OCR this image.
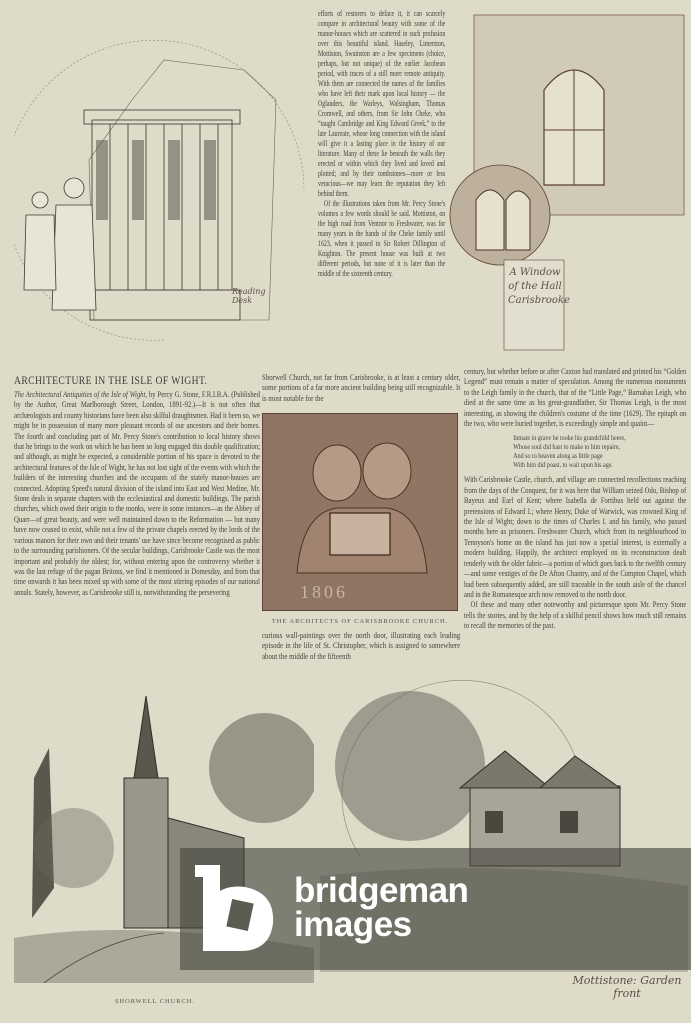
Reading Desk
A Window of the Hall Carisbrooke

efforts of restorers to deface it, it can scarcely compare in architectural beauty with some of the manor-houses which are scattered in such profusion over this beautiful island. Haseley, Limerston, Mottiston, Swainston are a few specimens (choice, perhaps, but not unique) of the earlier Jacobean period, with traces of a still more remote antiquity. With them are connected the names of the families who have left their mark upon local history — the Oglanders, the Warleys, Walsingham, Thomas Cromwell, and others, from Sir John Cheke, who “taught Cambridge and King Edward Greek,” to the late Laureate, whose long connection with the island will give it a lasting place in the history of our literature. Many of these lie beneath the walls they erected or within which they lived and loved and plotted; and by their tombstones—more or less veracious—we may learn the reputation they left behind them.

Of the illustrations taken from Mr. Percy Stone's volumes a few words should be said. Mottiston, on the high road from Ventnor to Freshwater, was for many years in the hands of the Cheke family until 1623, when it passed to Sir Robert Dillington of Knighton. The present house was built at two different periods, but none of it is later than the middle of the sixteenth century.

1806
ARCHITECTURE IN THE ISLE OF WIGHT.

The Architectural Antiquities of the Isle of Wight, by Percy G. Stone, F.R.I.B.A. (Published by the Author, Great Marlborough Street, London, 1891-92.)—It is not often that archæologists and county historians have been also skilful draughtsmen. Had it been so, we might be in possession of many more pleasant records of our ancestors and their homes. The fourth and concluding part of Mr. Percy Stone's contribution to local history shows that he brings to the work on which he has been so long engaged this double qualification; and although, as might be expected, a considerable portion of his space is devoted to the architectural features of the Isle of Wight, he has not lost sight of the events with which the builders of the interesting churches and the occupants of the stately manor-houses are connected. Adopting Speed's natural division of the island into East and West Medine, Mr. Stone deals in separate chapters with the ecclesiastical and domestic buildings. The parish churches, which owed their origin to the monks, were in some instances—as the Abbey of Quarr—of great beauty, and were well maintained down to the Reformation — but many have now ceased to exist, while not a few of the private chapels erected by the lords of the various manors for their own and their tenants' use have since become recognised as public to the surrounding parishioners. Of the secular buildings, Carisbrooke Castle was the most important and probably the oldest; for, without entering upon the controversy whether it was the last refuge of the pagan Britons, we find it mentioned in Domesday, and from that time onwards it has been mixed up with some of the most stirring episodes of our national annals. Stately, however, as Carisbrooke still is, notwithstanding the persevering

Shorwell Church, not far from Carisbrooke, is at least a century older, some portions of a far more ancient building being still recognizable. It is most notable for the

THE ARCHITECTS OF CARISBROOKE CHURCH.

curious wall-paintings over the north door, illustrating each leading episode in the life of St. Christopher, which is assigned to somewhere about the middle of the fifteenth

century, but whether before or after Caxton had translated and printed his “Golden Legend” must remain a matter of speculation. Among the numerous monuments to the Leigh family in the church, that of the “Little Page,” Barnabas Leigh, who died at the same time as his great-grandfather, Sir Thomas Leigh, is the most interesting, as showing the children's costume of the time (1629). The epitaph on the two, who were buried together, is exceedingly simple and quaint—

Inmate in grave he tooke his grandchild heere,
Whose soul did hast to make to him repaire,
And so to heaven along as little page
With him did poast, to wait upon his age.

With Carisbrooke Castle, church, and village are connected recollections reaching from the days of the Conquest, for it was here that William seized Odo, Bishop of Bayeux and Earl of Kent; where Isabella de Fortibus held out against the pretensions of Edward I.; where Henry, Duke of Warwick, was crowned King of the Isle of Wight; down to the times of Charles I. and his family, who passed months here as prisoners. Freshwater Church, which from its neighbourhood to Tennyson's home on the island has just now a special interest, is externally a modern building. Happily, the architect employed on its reconstruction dealt tenderly with the older fabric—a portion of which goes back to the twelfth century—and some vestiges of the De Afton Chantry, and of the Compton Chapel, which had been subsequently added, are still traceable in the south aisle of the chancel and in the Romanesque arch now removed to the north door.

Of these and many other noteworthy and picturesque spots Mr. Percy Stone tells the stories, and by the help of a skilful pencil shows how much still remains to recall the memories of the past.

SHORWELL CHURCH.
bridgeman
images
Mottistone: Garden front
